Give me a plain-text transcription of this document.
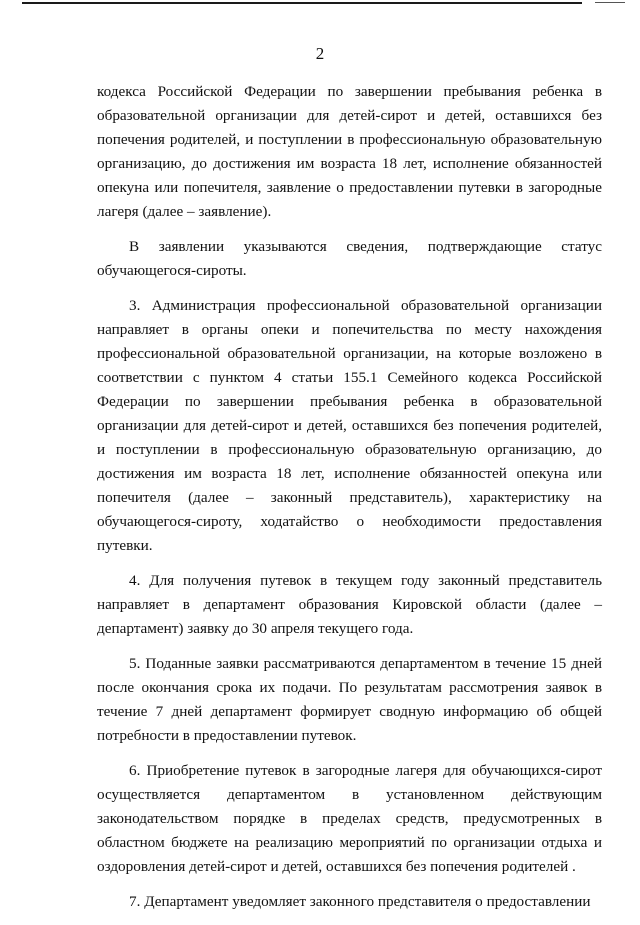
2

кодекса Российской Федерации по завершении пребывания ребенка в образовательной организации для детей-сирот и детей, оставшихся без попечения родителей, и поступлении в профессиональную образовательную организацию, до достижения им возраста 18 лет, исполнение обязанностей опекуна или попечителя, заявление о предоставлении путевки в загородные лагеря (далее – заявление).

В заявлении указываются сведения, подтверждающие статус обучающегося-сироты.

3. Администрация профессиональной образовательной организации направляет в органы опеки и попечительства по месту нахождения профессиональной образовательной организации, на которые возложено в соответствии с пунктом 4 статьи 155.1 Семейного кодекса Российской Федерации по завершении пребывания ребенка в образовательной организации для детей-сирот и детей, оставшихся без попечения родителей, и поступлении в профессиональную образовательную организацию, до достижения им возраста 18 лет, исполнение обязанностей опекуна или попечителя (далее – законный представитель), характеристику на обучающегося-сироту, ходатайство о необходимости предоставления путевки.

4. Для получения путевок в текущем году законный представитель направляет в департамент образования Кировской области (далее – департамент) заявку до 30 апреля текущего года.

5. Поданные заявки рассматриваются департаментом в течение 15 дней после окончания срока их подачи. По результатам рассмотрения заявок в течение 7 дней департамент формирует сводную информацию об общей потребности в предоставлении путевок.

6. Приобретение путевок в загородные лагеря для обучающихся-сирот осуществляется департаментом в установленном действующим законодательством порядке в пределах средств, предусмотренных в областном бюджете на реализацию мероприятий по организации отдыха и оздоровления детей-сирот и детей, оставшихся без попечения родителей .

7. Департамент уведомляет законного представителя о предоставлении
